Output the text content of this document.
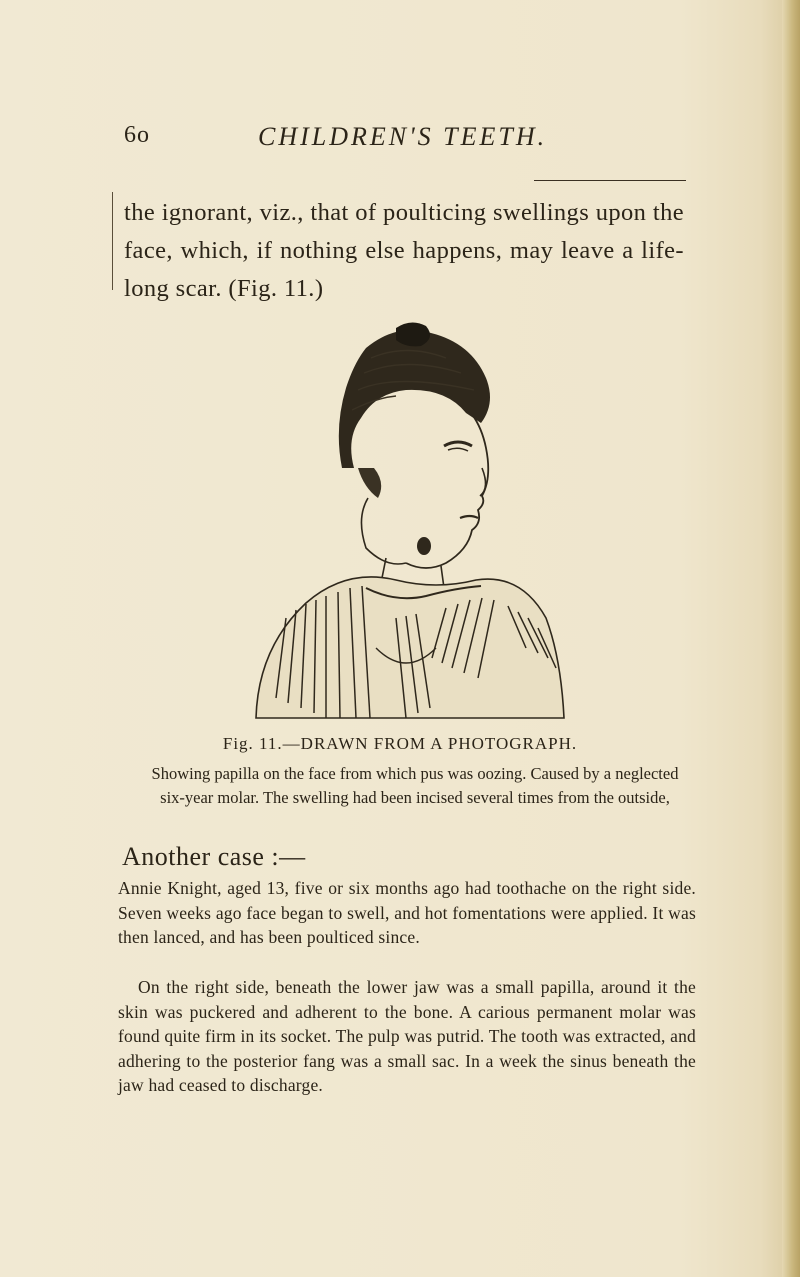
6o	CHILDREN'S TEETH.

the ignorant, viz., that of poulticing swellings upon the face, which, if nothing else happens, may leave a life-long scar. (Fig. 11.)

Fig. 11.—DRAWN FROM A PHOTOGRAPH.
Showing papilla on the face from which pus was oozing. Caused by a neglected six-year molar. The swelling had been incised several times from the outside,
Another case :—

Annie Knight, aged 13, five or six months ago had toothache on the right side. Seven weeks ago face began to swell, and hot fomentations were applied. It was then lanced, and has been poulticed since.

On the right side, beneath the lower jaw was a small papilla, around it the skin was puckered and adherent to the bone. A carious permanent molar was found quite firm in its socket. The pulp was putrid. The tooth was extracted, and adhering to the posterior fang was a small sac. In a week the sinus beneath the jaw had ceased to discharge.
